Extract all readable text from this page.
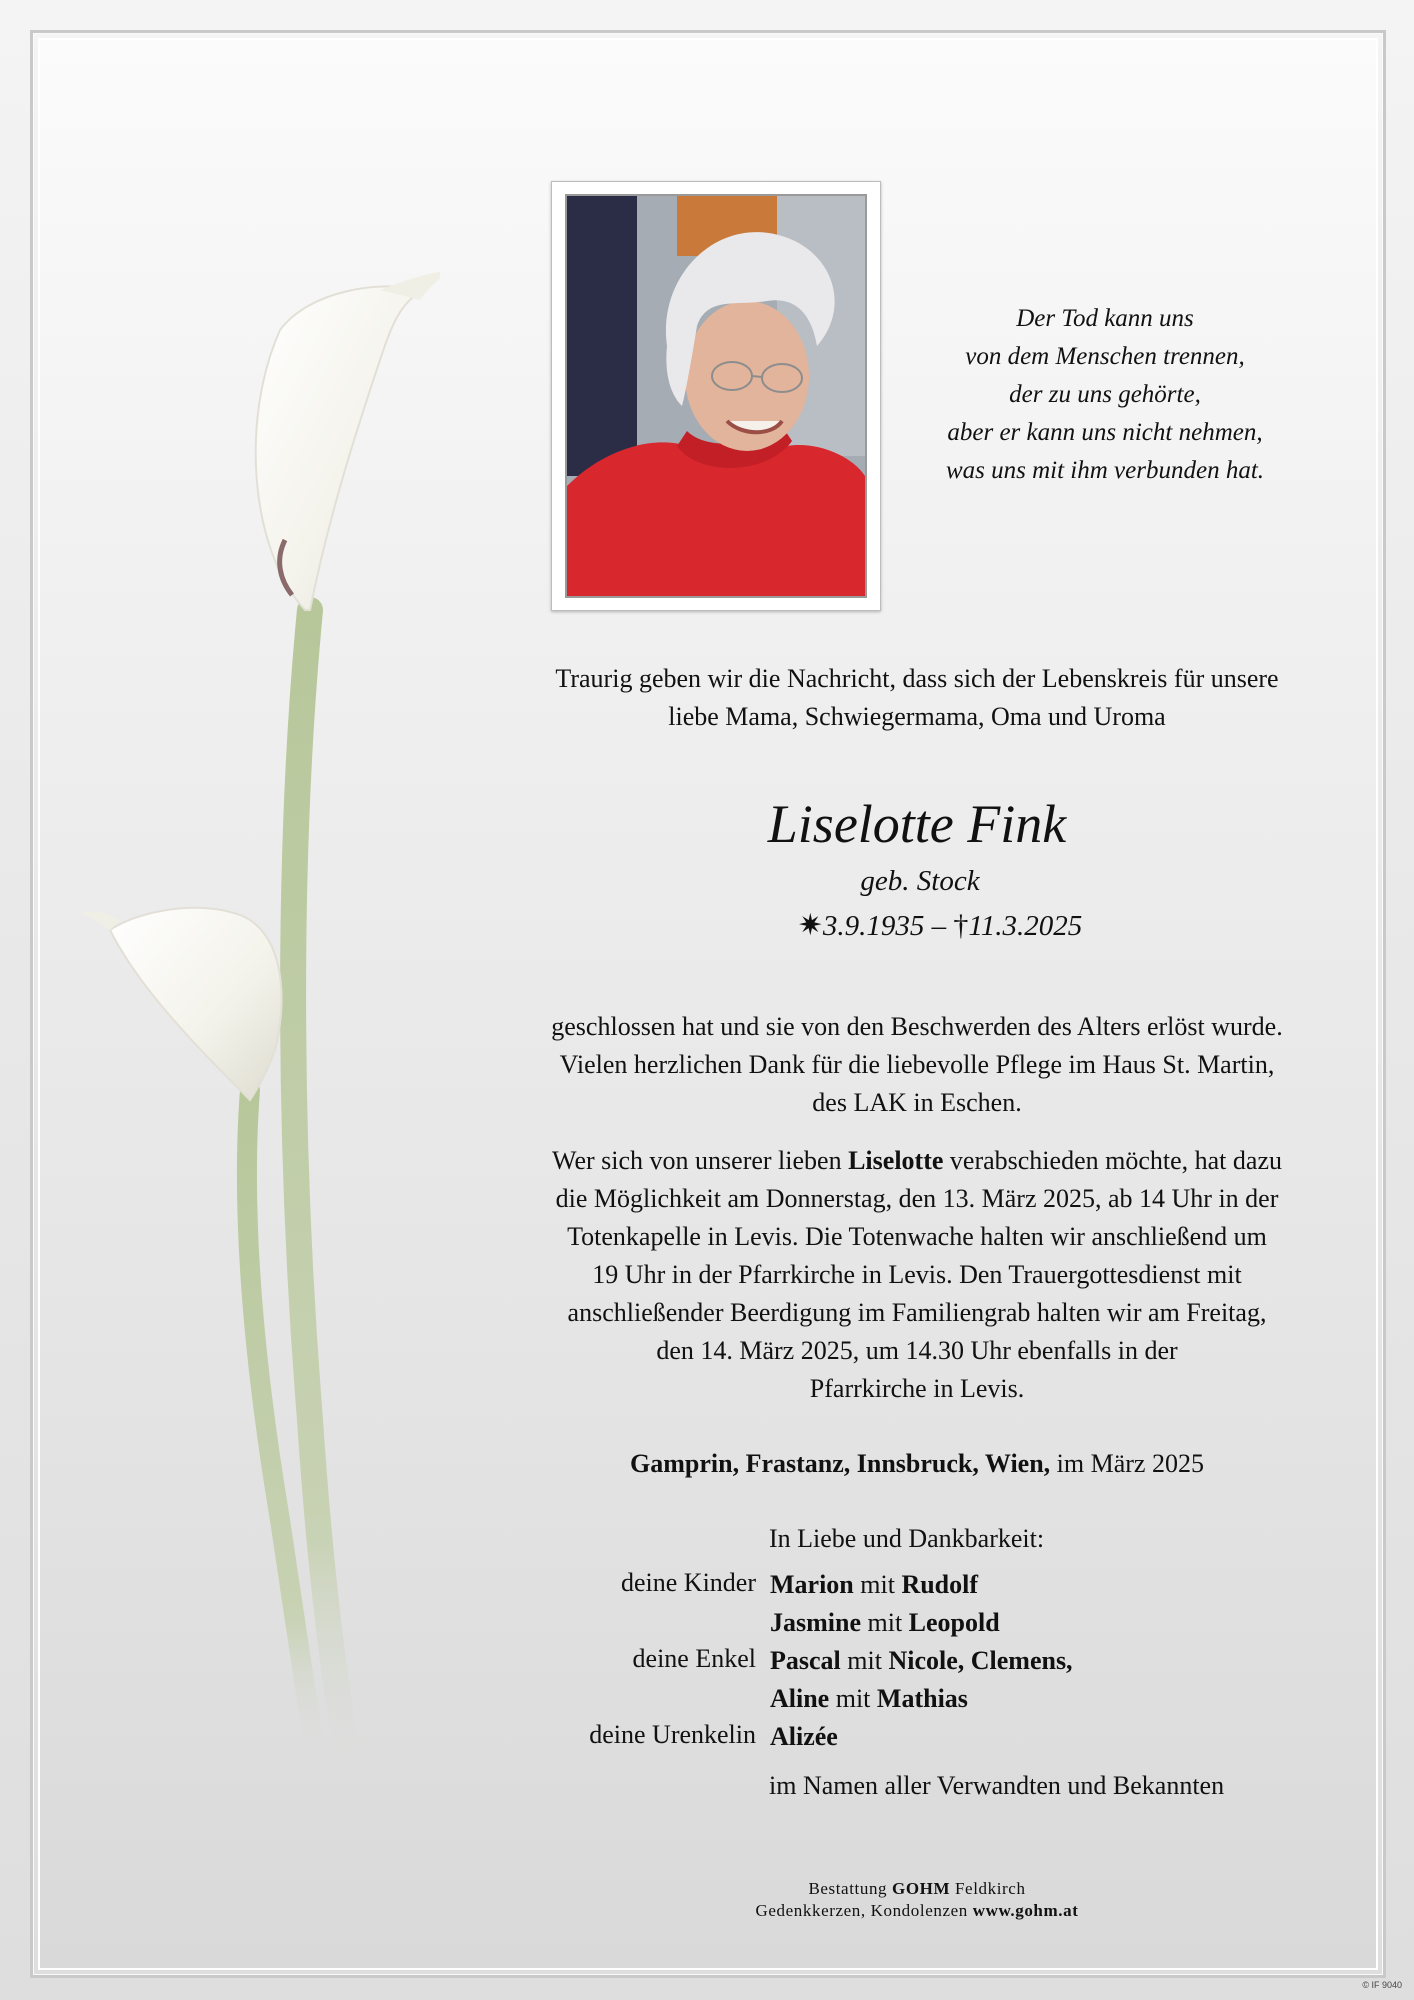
Der Tod kann uns
von dem Menschen trennen,
der zu uns gehörte,
aber er kann uns nicht nehmen,
was uns mit ihm verbunden hat.
Traurig geben wir die Nachricht, dass sich der Lebenskreis für unsere
liebe Mama, Schwiegermama, Oma und Uroma
Liselotte Fink
geb. Stock
✷3.9.1935 – †11.3.2025
geschlossen hat und sie von den Beschwerden des Alters erlöst wurde.
Vielen herzlichen Dank für die liebevolle Pflege im Haus St. Martin,
des LAK in Eschen.
Wer sich von unserer lieben Liselotte verabschieden möchte, hat dazu
die Möglichkeit am Donnerstag, den 13. März 2025, ab 14 Uhr in der
Totenkapelle in Levis. Die Totenwache halten wir anschließend um
19 Uhr in der Pfarrkirche in Levis. Den Trauergottesdienst mit
anschließender Beerdigung im Familiengrab halten wir am Freitag,
den 14. März 2025, um 14.30 Uhr ebenfalls in der
Pfarrkirche in Levis.
Gamprin, Frastanz, Innsbruck, Wien, im März 2025
In Liebe und Dankbarkeit:
deine Kinder Marion mit Rudolf
Jasmine mit Leopold
deine Enkel Pascal mit Nicole, Clemens,
Aline mit Mathias
deine Urenkelin Alizée
im Namen aller Verwandten und Bekannten
Bestattung GOHM Feldkirch
Gedenkkerzen, Kondolenzen www.gohm.at
© IF 9040
